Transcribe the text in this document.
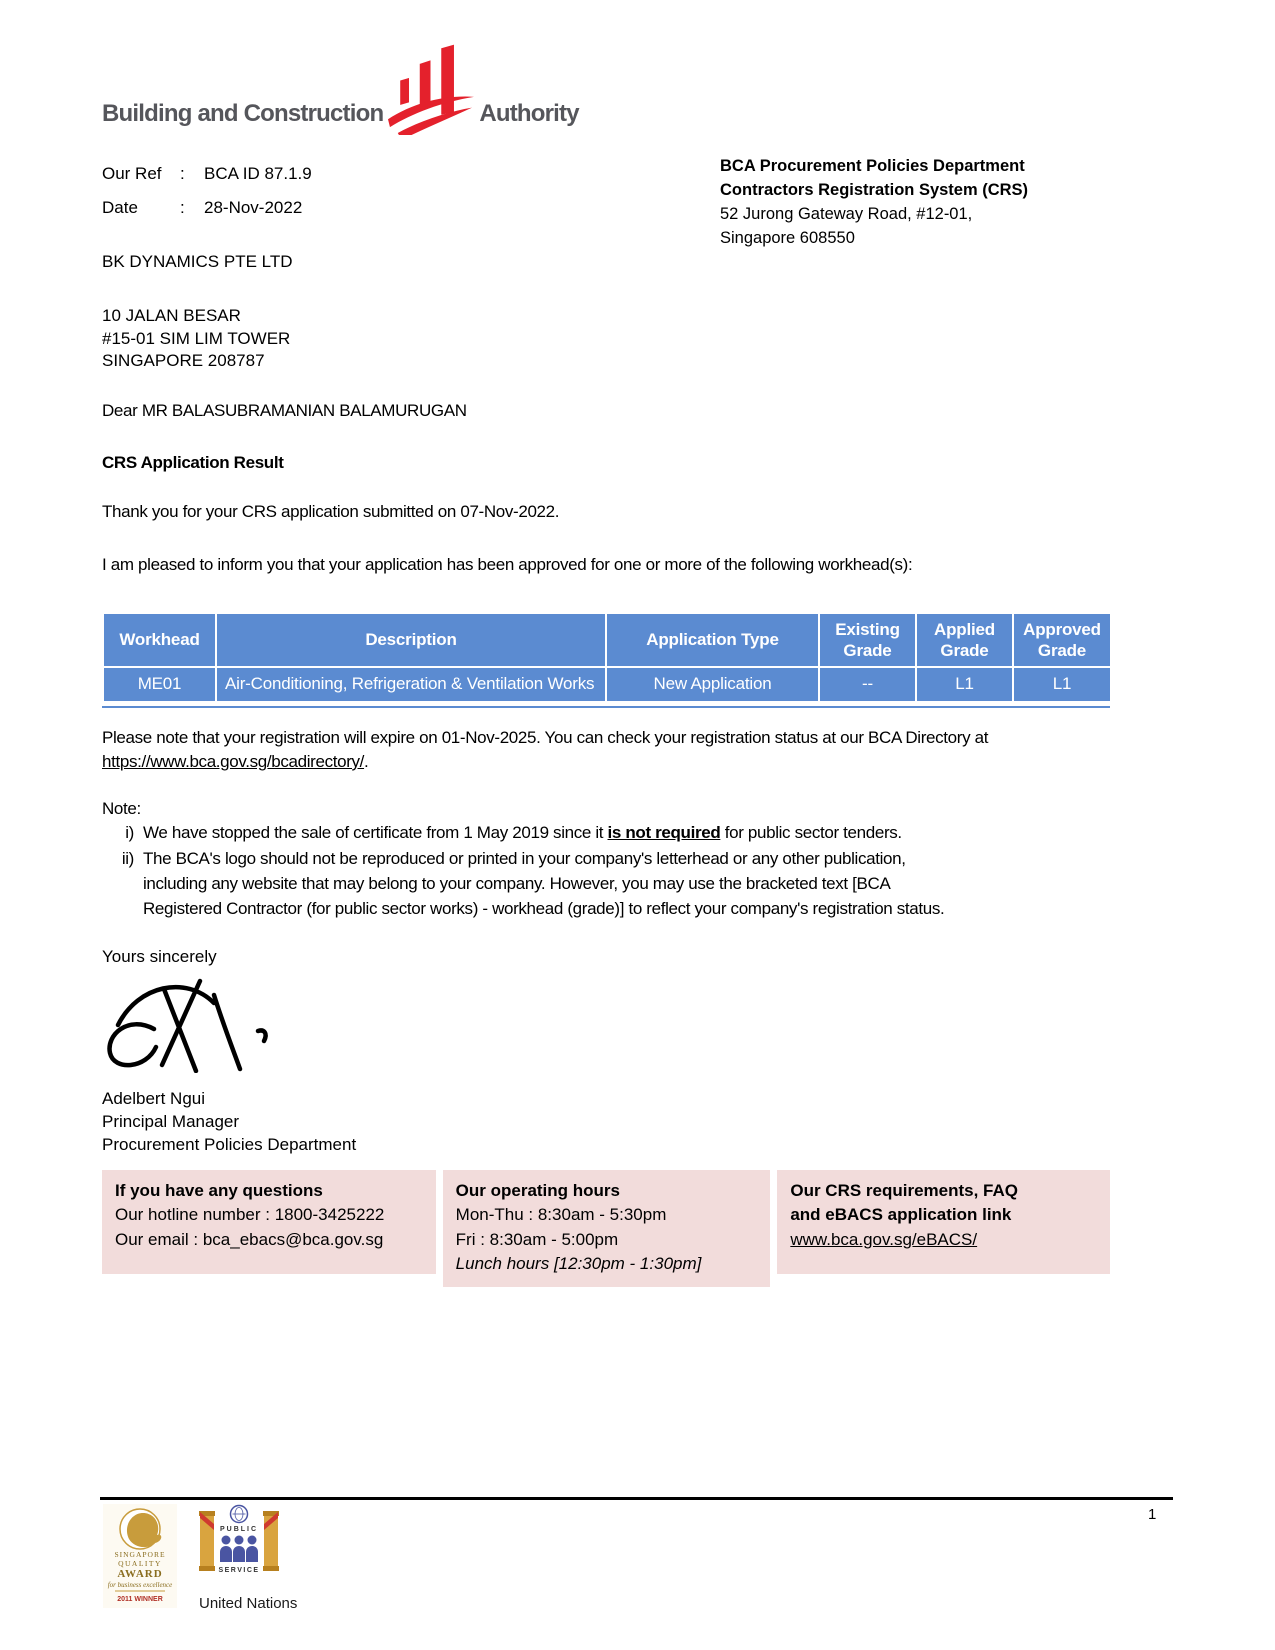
Building and Construction	Authority
Our Ref	:	BCA ID 87.1.9
Date	:	28-Nov-2022
BCA Procurement Policies Department
Contractors Registration System (CRS)
52 Jurong Gateway Road, #12-01,
Singapore 608550
BK DYNAMICS PTE LTD
10 JALAN BESAR
#15-01 SIM LIM TOWER
SINGAPORE 208787
Dear MR BALASUBRAMANIAN BALAMURUGAN
CRS Application Result
Thank you for your CRS application submitted on 07-Nov-2022.
I am pleased to inform you that your application has been approved for one or more of the following workhead(s):
Workhead	Description	Application Type	Existing Grade	Applied Grade	Approved Grade
ME01	Air-Conditioning, Refrigeration & Ventilation Works	New Application	--	L1	L1
Please note that your registration will expire on 01-Nov-2025. You can check your registration status at our BCA Directory at https://www.bca.gov.sg/bcadirectory/.
Note:
i) We have stopped the sale of certificate from 1 May 2019 since it is not required for public sector tenders.
ii) The BCA's logo should not be reproduced or printed in your company's letterhead or any other publication, including any website that may belong to your company. However, you may use the bracketed text [BCA Registered Contractor (for public sector works) - workhead (grade)] to reflect your company's registration status.
Yours sincerely
Adelbert Ngui
Principal Manager
Procurement Policies Department
If you have any questions
Our hotline number : 1800-3425222
Our email : bca_ebacs@bca.gov.sg
Our operating hours
Mon-Thu : 8:30am - 5:30pm
Fri : 8:30am - 5:00pm
Lunch hours [12:30pm - 1:30pm]
Our CRS requirements, FAQ
and eBACS application link
www.bca.gov.sg/eBACS/
1
SINGAPORE
QUALITY
AWARD
for business excellence
2011 WINNER
PUBLIC
SERVICE
United Nations
